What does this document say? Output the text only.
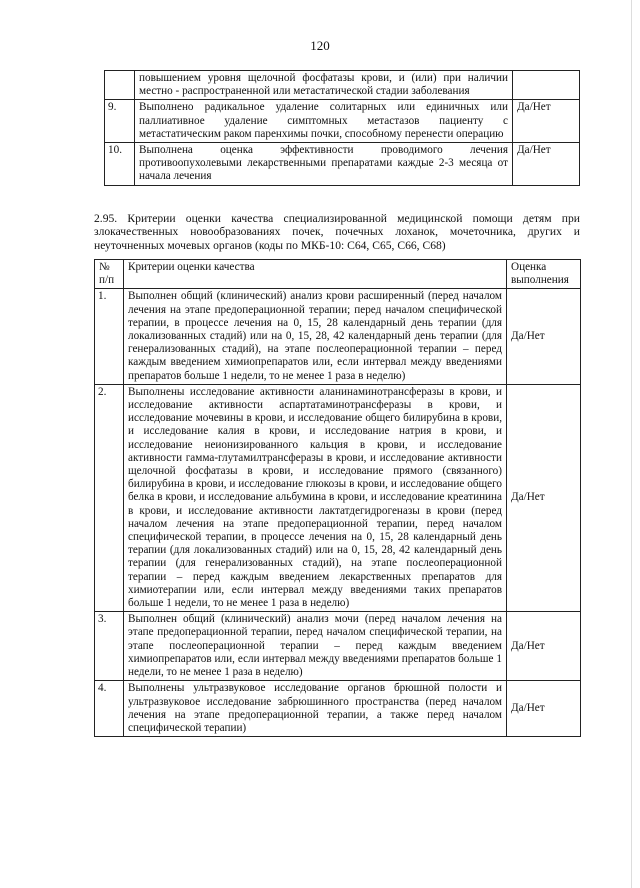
120
	повышением уровня щелочной фосфатазы крови, и (или) при наличии местно - распространенной или метастатической стадии заболевания	
9.	Выполнено радикальное удаление солитарных или единичных или паллиативное удаление симптомных метастазов пациенту с метастатическим раком паренхимы почки, способному перенести операцию	Да/Нет
10.	Выполнена оценка эффективности проводимого лечения противоопухолевыми лекарственными препаратами каждые 2-3 месяца от начала лечения	Да/Нет
2.95. Критерии оценки качества специализированной медицинской помощи детям при злокачественных новообразованиях почек, почечных лоханок, мочеточника, других и неуточненных мочевых органов (коды по МКБ-10: C64, C65, C66, C68)
№ п/п	Критерии оценки качества	Оценка выполнения
1.	Выполнен общий (клинический) анализ крови расширенный (перед началом лечения на этапе предоперационной терапии; перед началом специфической терапии, в процессе лечения на 0, 15, 28 календарный день терапии (для локализованных стадий) или на 0, 15, 28, 42 календарный день терапии (для генерализованных стадий), на этапе послеоперационной терапии – перед каждым введением химиопрепаратов или, если интервал между введениями препаратов больше 1 недели, то не менее 1 раза в неделю)	Да/Нет
2.	Выполнены исследование активности аланинаминотрансферазы в крови, и исследование активности аспартатаминотрансферазы в крови, и исследование мочевины в крови, и исследование общего билирубина в крови, и исследование калия в крови, и исследование натрия в крови, и исследование неионизированного кальция в крови, и исследование активности гамма-глутамилтрансферазы в крови, и исследование активности щелочной фосфатазы в крови, и исследование прямого (связанного) билирубина в крови, и исследование глюкозы в крови, и исследование общего белка в крови, и исследование альбумина в крови, и исследование креатинина в крови, и исследование активности лактатдегидрогеназы в крови (перед началом лечения на этапе предоперационной терапии, перед началом специфической терапии, в процессе лечения на 0, 15, 28 календарный день терапии (для локализованных стадий) или на 0, 15, 28, 42 календарный день терапии (для генерализованных стадий), на этапе послеоперационной терапии – перед каждым введением лекарственных препаратов для химиотерапии или, если интервал между введениями таких препаратов больше 1 недели, то не менее 1 раза в неделю)	Да/Нет
3.	Выполнен общий (клинический) анализ мочи (перед началом лечения на этапе предоперационной терапии, перед началом специфической терапии, на этапе послеоперационной терапии – перед каждым введением химиопрепаратов или, если интервал между введениями препаратов больше 1 недели, то не менее 1 раза в неделю)	Да/Нет
4.	Выполнены ультразвуковое исследование органов брюшной полости и ультразвуковое исследование забрюшинного пространства (перед началом лечения на этапе предоперационной терапии, а также перед началом специфической терапии)	Да/Нет
